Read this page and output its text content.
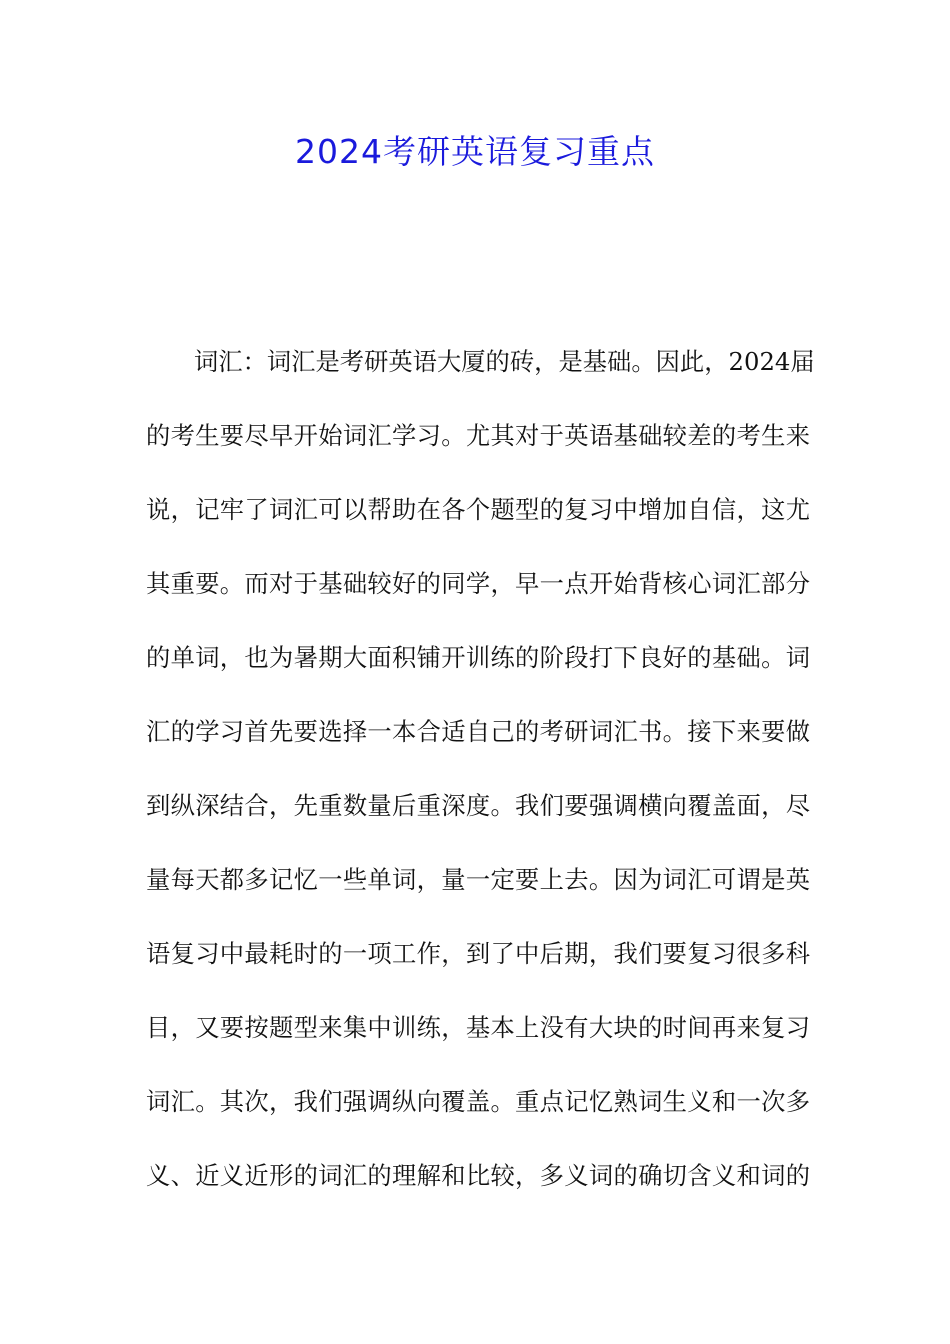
2024考研英语复习重点
词汇：词汇是考研英语大厦的砖，是基础。因此，2024届
的考生要尽早开始词汇学习。尤其对于英语基础较差的考生来
说，记牢了词汇可以帮助在各个题型的复习中增加自信，这尤
其重要。而对于基础较好的同学，早一点开始背核心词汇部分
的单词，也为暑期大面积铺开训练的阶段打下良好的基础。词
汇的学习首先要选择一本合适自己的考研词汇书。接下来要做
到纵深结合，先重数量后重深度。我们要强调横向覆盖面，尽
量每天都多记忆一些单词，量一定要上去。因为词汇可谓是英
语复习中最耗时的一项工作，到了中后期，我们要复习很多科
目，又要按题型来集中训练，基本上没有大块的时间再来复习
词汇。其次，我们强调纵向覆盖。重点记忆熟词生义和一次多
义、近义近形的词汇的理解和比较，多义词的确切含义和词的
